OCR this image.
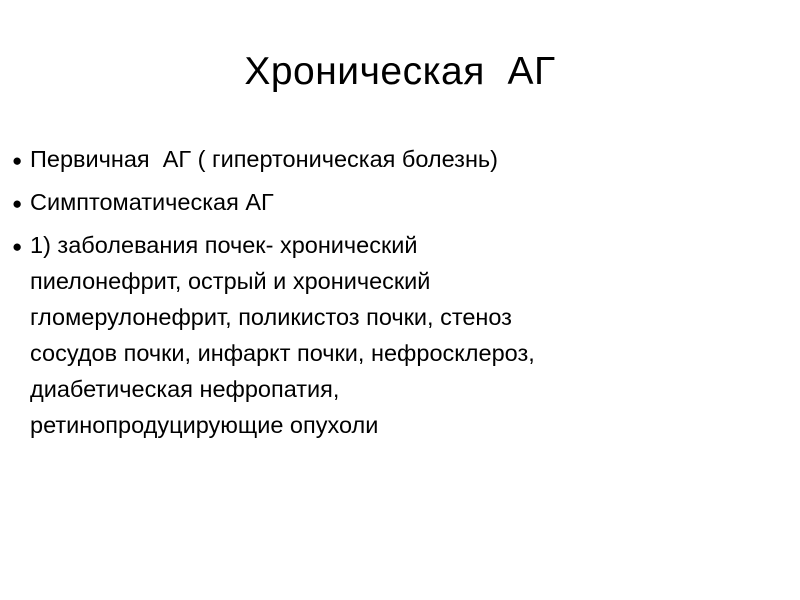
Хроническая  АГ
● Первичная  АГ ( гипертоническая болезнь)
● Симптоматическая АГ
● 1) заболевания почек- хронический
пиелонефрит, острый и хронический
гломерулонефрит, поликистоз почки, стеноз
сосудов почки, инфаркт почки, нефросклероз,
диабетическая нефропатия,
ретинопродуцирующие опухоли
